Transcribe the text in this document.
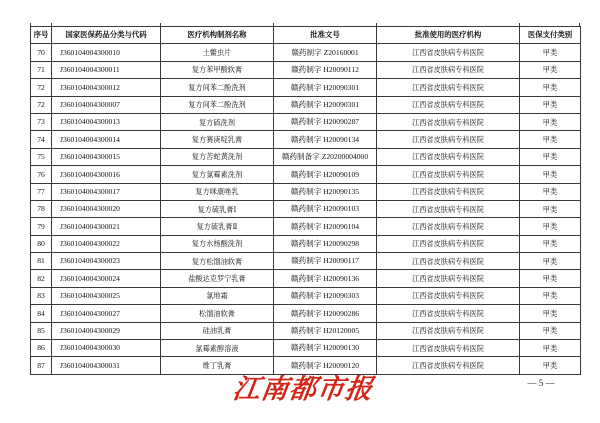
序号	国家医保药品分类与代码	医疗机构制剂名称	批准文号	批准使用的医疗机构	医保支付类别
70	J360104004300010	土鳖虫片	赣药制字 Z20160001	江西省皮肤病专科医院	甲类
71	J360104004300011	复方苯甲酸软膏	赣药制字 H20090112	江西省皮肤病专科医院	甲类
72	J360104004300012	复方间苯二酚洗剂	赣药制字 H20090301	江西省皮肤病专科医院	甲类
72	J360104004300007	复方间苯二酚洗剂	赣药制字 H20090301	江西省皮肤病专科医院	甲类
73	J360104004300013	复方硫洗剂	赣药制字 H20090287	江西省皮肤病专科医院	甲类
74	J360104004300014	复方赛庚啶乳膏	赣药制字 H20090134	江西省皮肤病专科医院	甲类
75	J360104004300015	复方苦蛇黄洗剂	赣药制备字 Z20200004000	江西省皮肤病专科医院	甲类
76	J360104004300016	复方氯霉素洗剂	赣药制字 H20090109	江西省皮肤病专科医院	甲类
77	J360104004300017	复方咪康唑乳	赣药制字 H20090135	江西省皮肤病专科医院	甲类
78	J360104004300020	复方硫乳膏Ⅰ	赣药制字 H20090103	江西省皮肤病专科医院	甲类
79	J360104004300021	复方硫乳膏Ⅱ	赣药制字 H20090104	江西省皮肤病专科医院	甲类
80	J360104004300022	复方水杨酸洗剂	赣药制字 H20090298	江西省皮肤病专科医院	甲类
81	J360104004300023	复方松馏油软膏	赣药制字 H20090117	江西省皮肤病专科医院	甲类
82	J360104004300024	盐酸达克罗宁乳膏	赣药制字 H20090136	江西省皮肤病专科医院	甲类
83	J360104004300025	氯地霜	赣药制字 H20090303	江西省皮肤病专科医院	甲类
84	J360104004300027	松馏油软膏	赣药制字 H20090286	江西省皮肤病专科医院	甲类
85	J360104004300029	硅油乳膏	赣药制字 H20120005	江西省皮肤病专科医院	甲类
86	J360104004300030	氯霉素醇溶液	赣药制字 H20090130	江西省皮肤病专科医院	甲类
87	J360104004300031	维丁乳膏	赣药制字 H20090120	江西省皮肤病专科医院	甲类
江南都市报	— 5 —
